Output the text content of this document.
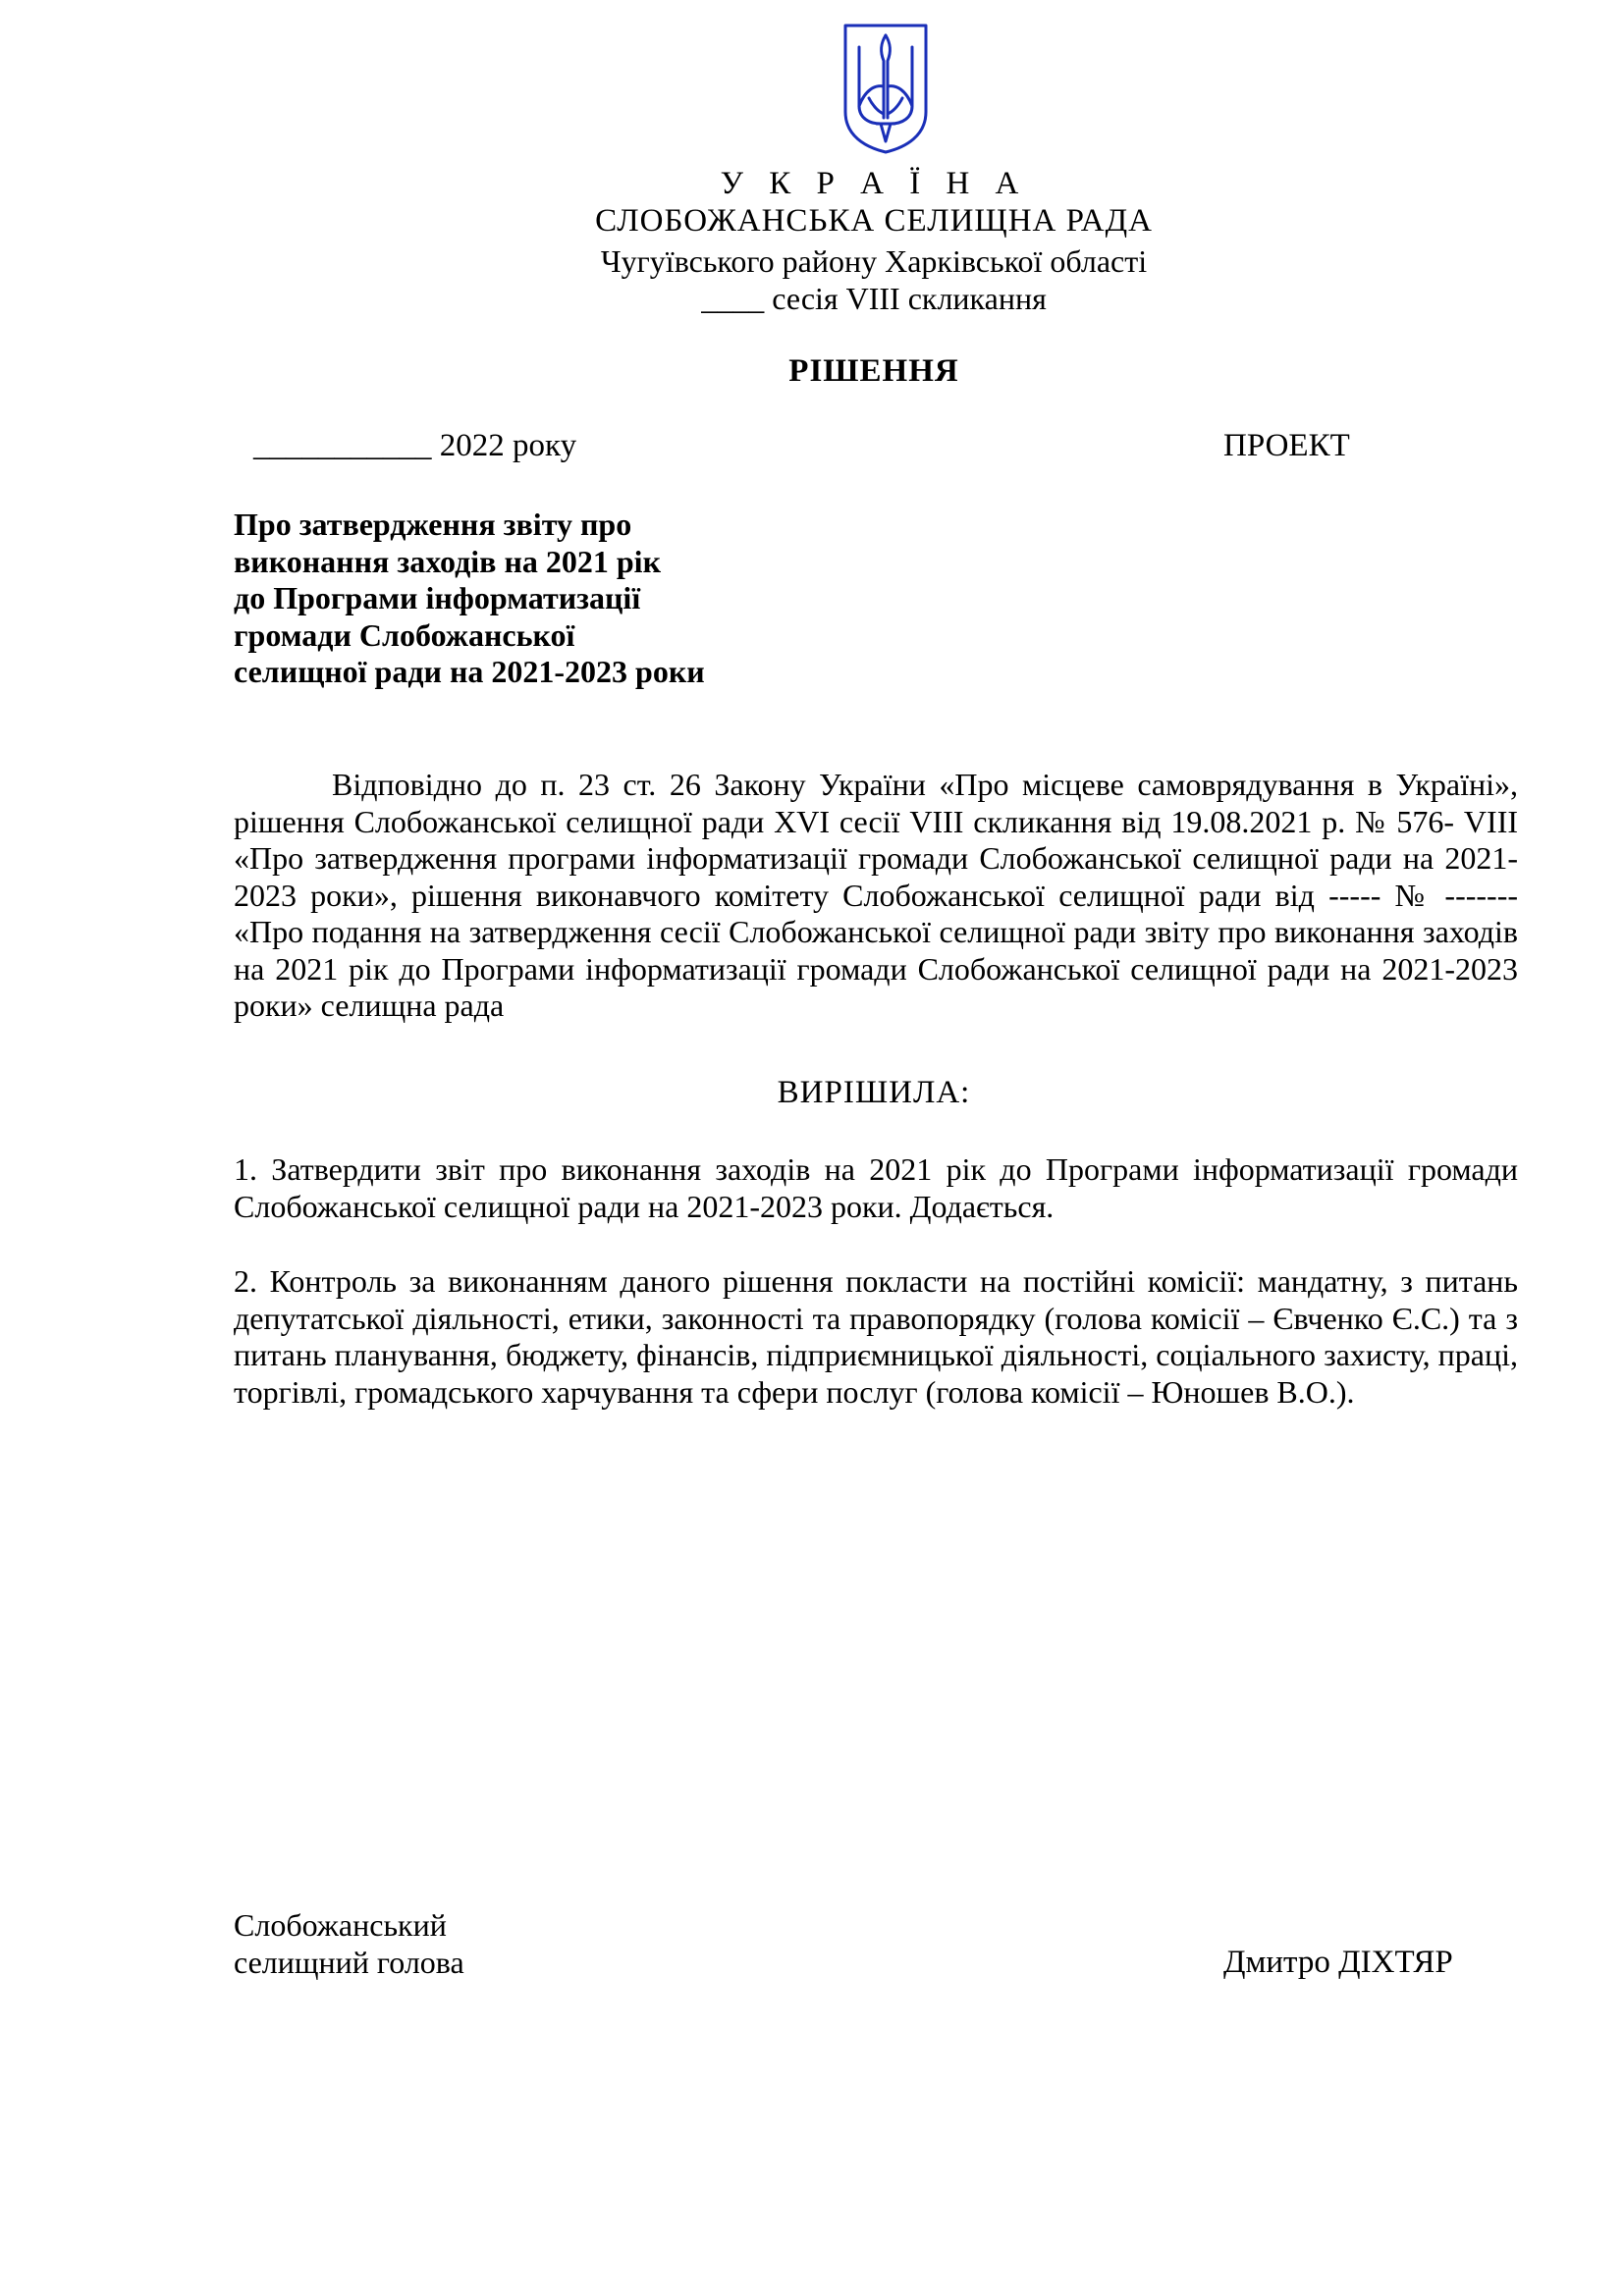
У К Р А Ї Н А
СЛОБОЖАНСЬКА СЕЛИЩНА РАДА
Чугуївського району Харківської області
____ сесія VIII скликання
РІШЕННЯ
___________ 2022 року	ПРОЕКТ
Про затвердження звіту про
виконання заходів на 2021 рік
до Програми інформатизації
громади Слобожанської
селищної ради на 2021-2023 роки
Відповідно до п. 23 ст. 26 Закону України «Про місцеве самоврядування в Україні», рішення Слобожанської селищної ради XVI сесії VIII скликання від 19.08.2021 р. № 576- VIII «Про затвердження програми інформатизації громади Слобожанської селищної ради на 2021-2023 роки», рішення виконавчого комітету Слобожанської селищної ради від ----- № ------- «Про подання на затвердження сесії Слобожанської селищної ради звіту про виконання заходів на 2021 рік до Програми інформатизації громади Слобожанської селищної ради на 2021-2023 роки» селищна рада
ВИРІШИЛА:
1. Затвердити звіт про виконання заходів на 2021 рік до Програми інформатизації громади Слобожанської селищної ради на 2021-2023 роки. Додається.
2. Контроль за виконанням даного рішення покласти на постійні комісії: мандатну, з питань депутатської діяльності, етики, законності та правопорядку (голова комісії – Євченко Є.С.) та з питань планування, бюджету, фінансів, підприємницької діяльності, соціального захисту, праці, торгівлі, громадського харчування та сфери послуг (голова комісії – Юношев В.О.).
Слобожанський
селищний голова	Дмитро ДІХТЯР
